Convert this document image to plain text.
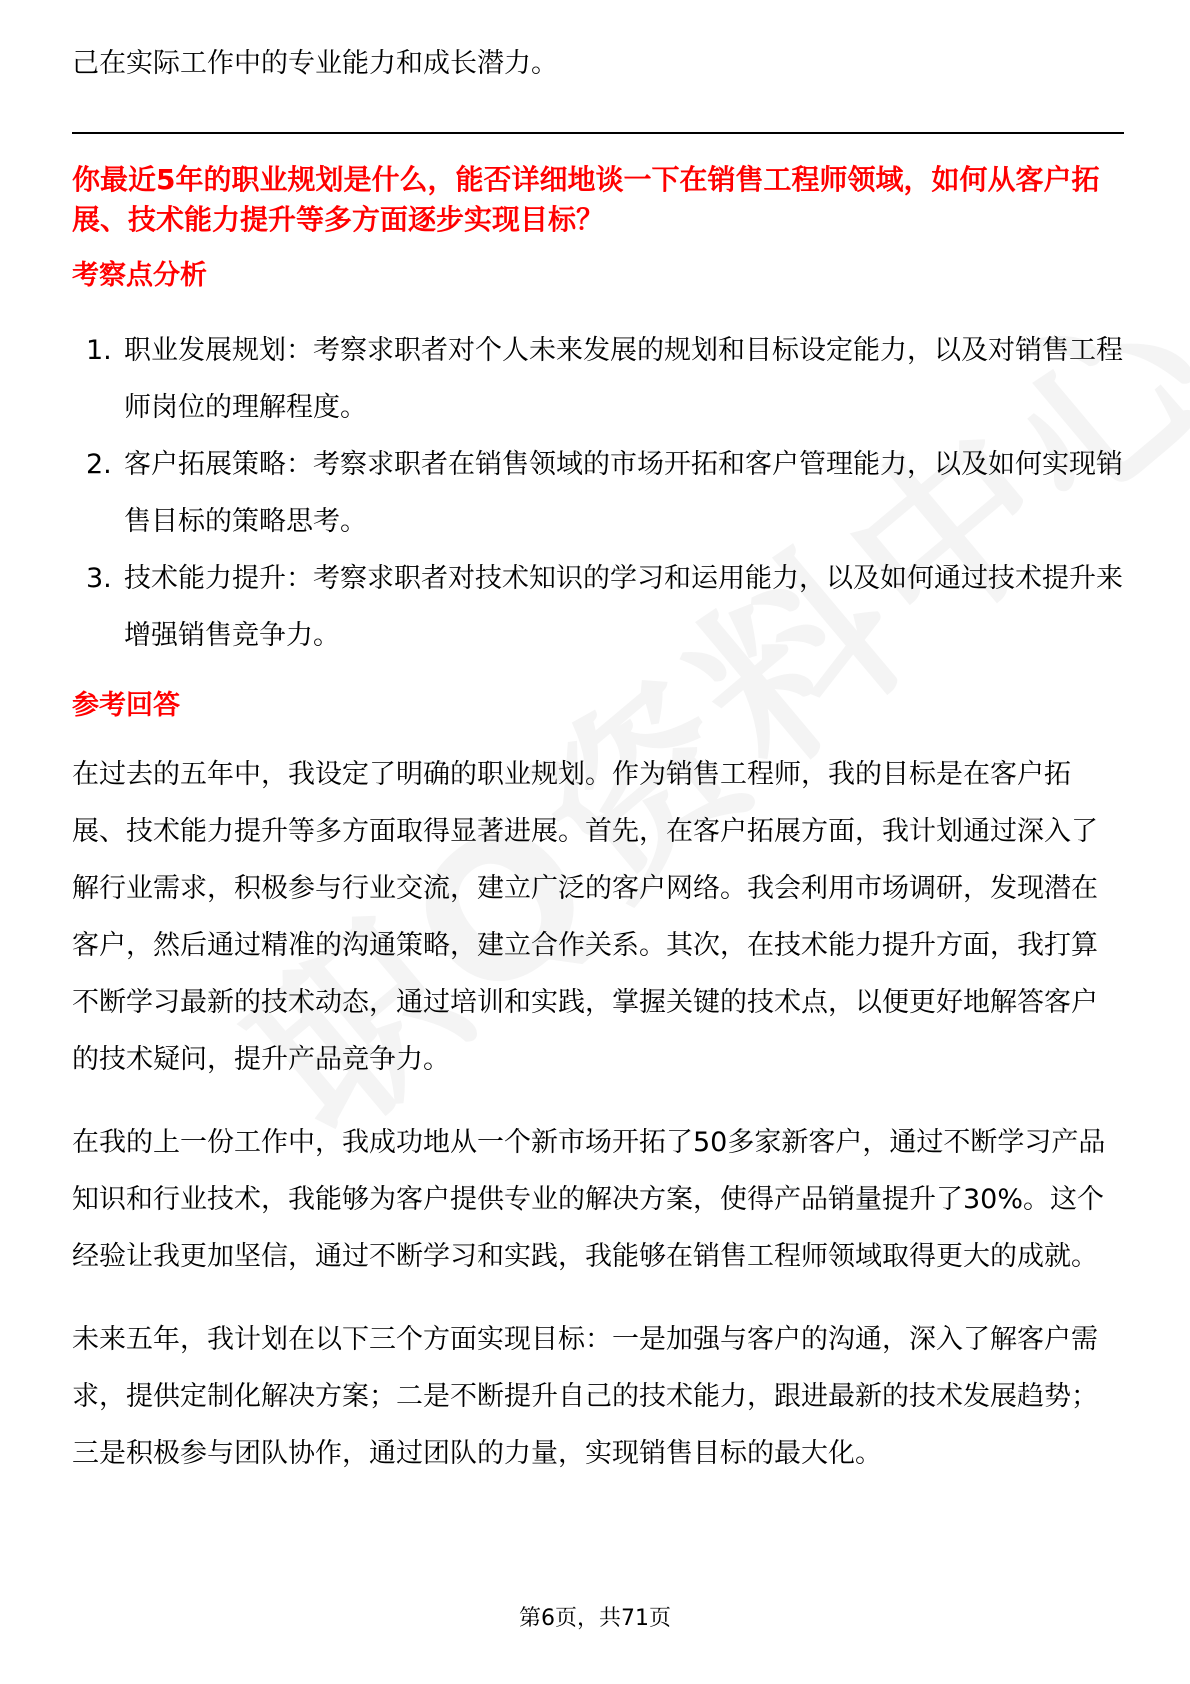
己在实际工作中的专业能力和成长潜力。

你最近5年的职业规划是什么，能否详细地谈一下在销售工程师领域，如何从客户拓展、技术能力提升等多方面逐步实现目标？

考察点分析
1. 职业发展规划：考察求职者对个人未来发展的规划和目标设定能力，以及对销售工程师岗位的理解程度。
2. 客户拓展策略：考察求职者在销售领域的市场开拓和客户管理能力，以及如何实现销售目标的策略思考。
3. 技术能力提升：考察求职者对技术知识的学习和运用能力，以及如何通过技术提升来增强销售竞争力。
参考回答

在过去的五年中，我设定了明确的职业规划。作为销售工程师，我的目标是在客户拓展、技术能力提升等多方面取得显著进展。首先，在客户拓展方面，我计划通过深入了解行业需求，积极参与行业交流，建立广泛的客户网络。我会利用市场调研，发现潜在客户，然后通过精准的沟通策略，建立合作关系。其次，在技术能力提升方面，我打算不断学习最新的技术动态，通过培训和实践，掌握关键的技术点，以便更好地解答客户的技术疑问，提升产品竞争力。

在我的上一份工作中，我成功地从一个新市场开拓了50多家新客户，通过不断学习产品知识和行业技术，我能够为客户提供专业的解决方案，使得产品销量提升了30%。这个经验让我更加坚信，通过不断学习和实践，我能够在销售工程师领域取得更大的成就。

未来五年，我计划在以下三个方面实现目标：一是加强与客户的沟通，深入了解客户需求，提供定制化解决方案；二是不断提升自己的技术能力，跟进最新的技术发展趋势；三是积极参与团队协作，通过团队的力量，实现销售目标的最大化。

第6页，共71页
